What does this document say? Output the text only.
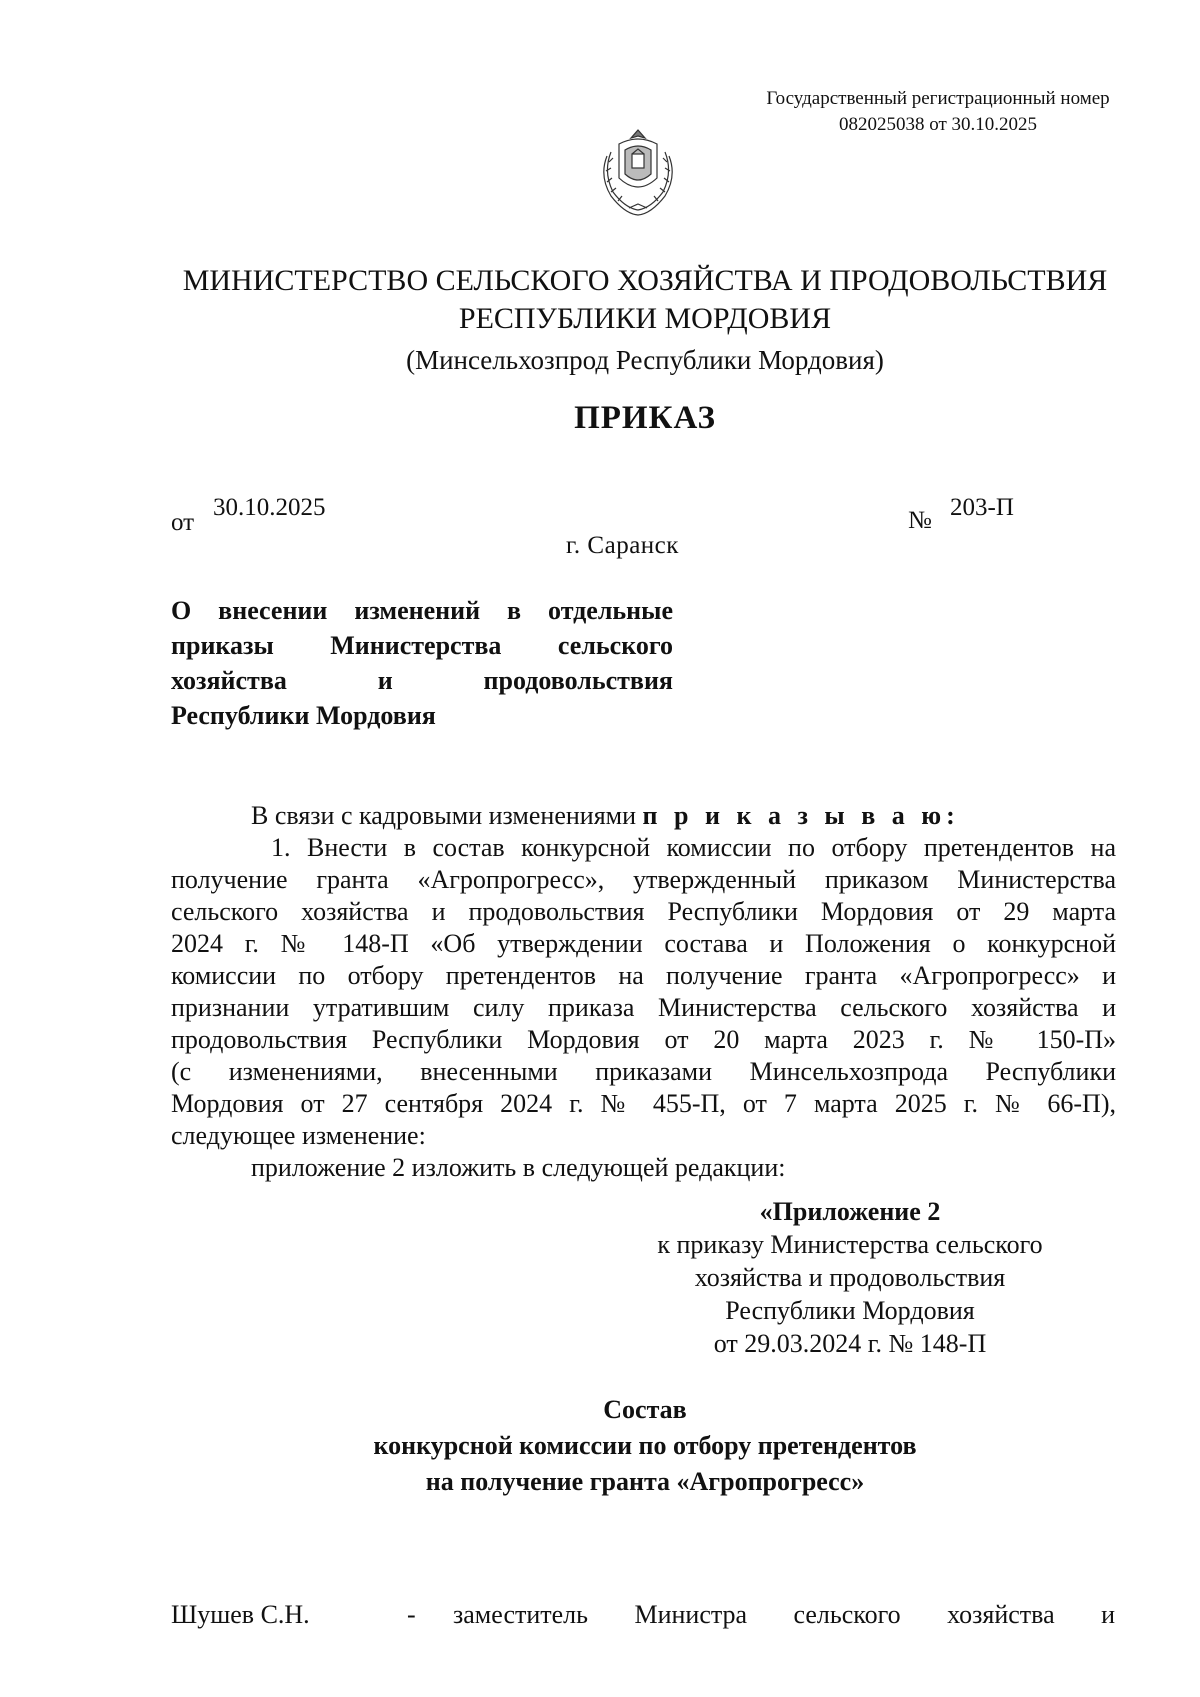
Государственный регистрационный номер
082025038 от 30.10.2025
МИНИСТЕРСТВО СЕЛЬСКОГО ХОЗЯЙСТВА И ПРОДОВОЛЬСТВИЯ
РЕСПУБЛИКИ МОРДОВИЯ
(Минсельхозпрод Республики Мордовия)
ПРИКАЗ
от
30.10.2025	№ 203-П
г. Саранск
О внесении изменений в отдельные
приказы Министерства сельского
хозяйства и продовольствия
Республики Мордовия
В связи с кадровыми изменениями п р и к а з ы в а ю:
1. Внести в состав конкурсной комиссии по отбору претендентов на
получение гранта «Агропрогресс», утвержденный приказом Министерства
сельского хозяйства и продовольствия Республики Мордовия от 29 марта
2024 г. № 148-П «Об утверждении состава и Положения о конкурсной
комиссии по отбору претендентов на получение гранта «Агропрогресс» и
признании утратившим силу приказа Министерства сельского хозяйства и
продовольствия Республики Мордовия от 20 марта 2023 г. № 150-П»
(с изменениями, внесенными приказами Минсельхозпрода Республики
Мордовия от 27 сентября 2024 г. № 455-П, от 7 марта 2025 г. № 66-П),
следующее изменение:
приложение 2 изложить в следующей редакции:
«Приложение 2
к приказу Министерства сельского
хозяйства и продовольствия
Республики Мордовия
от 29.03.2024 г. № 148-П
Состав
конкурсной комиссии по отбору претендентов
на получение гранта «Агропрогресс»
Шушев С.Н.	- заместитель Министра сельского хозяйства и
